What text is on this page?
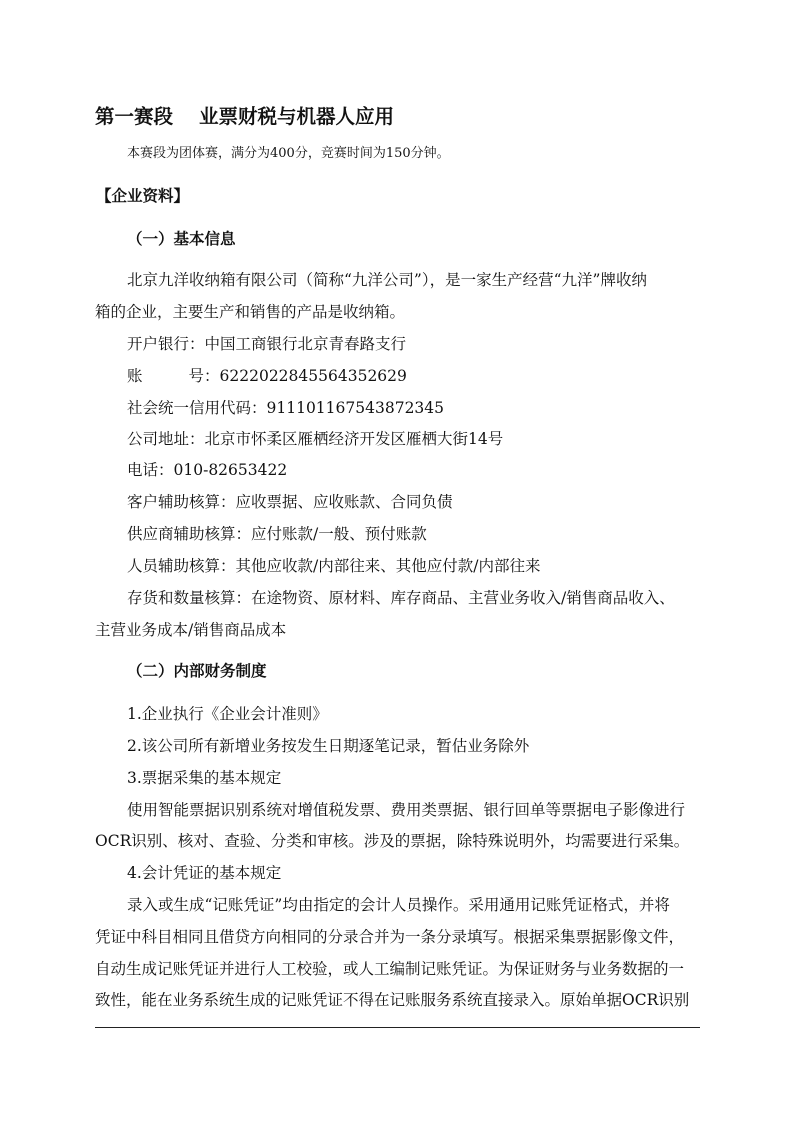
第一赛段 业票财税与机器人应用
本赛段为团体赛，满分为400分，竞赛时间为150分钟。
【企业资料】
（一）基本信息
北京九洋收纳箱有限公司（简称“九洋公司”），是一家生产经营“九洋”牌收纳
箱的企业，主要生产和销售的产品是收纳箱。
开户银行：中国工商银行北京青春路支行
账	号：6222022845564352629
社会统一信用代码：911101167543872345
公司地址：北京市怀柔区雁栖经济开发区雁栖大街14号
电话：010-82653422
客户辅助核算：应收票据、应收账款、合同负债
供应商辅助核算：应付账款/一般、预付账款
人员辅助核算：其他应收款/内部往来、其他应付款/内部往来
存货和数量核算：在途物资、原材料、库存商品、主营业务收入/销售商品收入、
主营业务成本/销售商品成本
（二）内部财务制度
1.企业执行《企业会计准则》
2.该公司所有新增业务按发生日期逐笔记录，暂估业务除外
3.票据采集的基本规定
使用智能票据识别系统对增值税发票、费用类票据、银行回单等票据电子影像进行
OCR识别、核对、查验、分类和审核。涉及的票据，除特殊说明外，均需要进行采集。
4.会计凭证的基本规定
录入或生成“记账凭证”均由指定的会计人员操作。采用通用记账凭证格式，并将
凭证中科目相同且借贷方向相同的分录合并为一条分录填写。根据采集票据影像文件，
自动生成记账凭证并进行人工校验，或人工编制记账凭证。为保证财务与业务数据的一
致性，能在业务系统生成的记账凭证不得在记账服务系统直接录入。原始单据OCR识别
